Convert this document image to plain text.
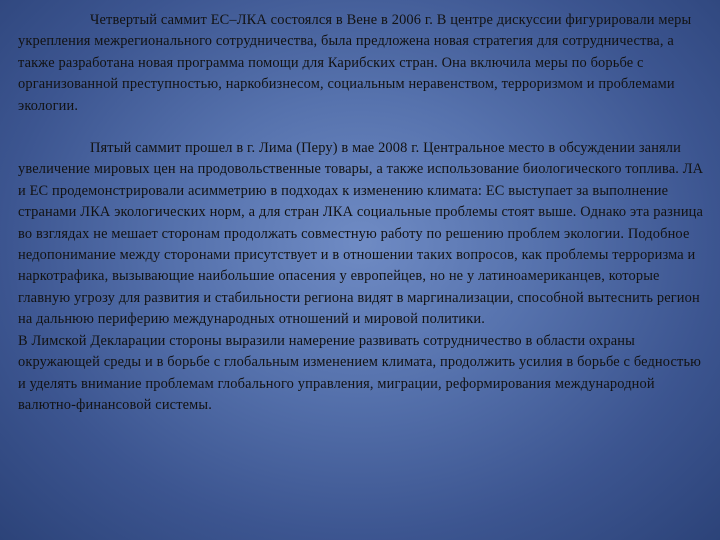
Четвертый саммит ЕС–ЛКА состоялся в Вене в 2006 г. В центре дискуссии фигурировали меры укрепления межрегионального сотрудничества, была предложена новая стратегия для сотрудничества, а также разработана новая программа помощи для Карибских стран. Она включила меры по борьбе с организованной преступностью, наркобизнесом, социальным неравенством, терроризмом и проблемами экологии.

Пятый саммит прошел в г. Лима (Перу) в мае 2008 г. Центральное место в обсуждении заняли увеличение мировых цен на продовольственные товары, а также использование биологического топлива. ЛА и ЕС продемонстрировали асимметрию в подходах к изменению климата: ЕС выступает за выполнение странами ЛКА экологических норм, а для стран ЛКА социальные проблемы стоят выше. Однако эта разница во взглядах не мешает сторонам продолжать совместную работу по решению проблем экологии. Подобное недопонимание между сторонами присутствует и в отношении таких вопросов, как проблемы терроризма и наркотрафика, вызывающие наибольшие опасения у европейцев, но не у латиноамериканцев, которые главную угрозу для развития и стабильности региона видят в маргинализации, способной вытеснить регион на дальнюю периферию международных отношений и мировой политики.

В Лимской Декларации стороны выразили намерение развивать сотрудничество в области охраны окружающей среды и в борьбе с глобальным изменением климата, продолжить усилия в борьбе с бедностью и уделять внимание проблемам глобального управления, миграции, реформирования международной валютно-финансовой системы.
